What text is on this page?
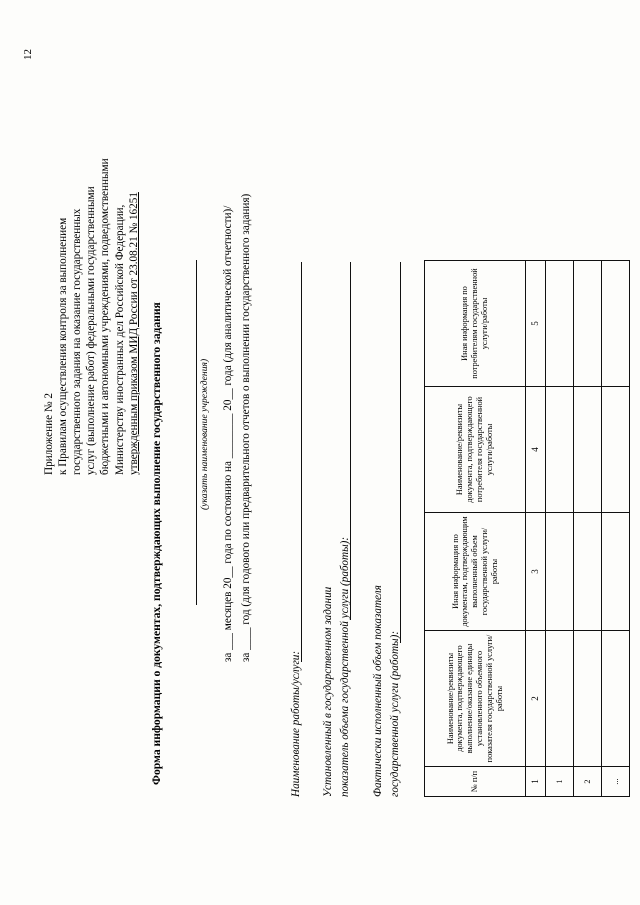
12
Приложение № 2 к Правилам осуществления контроля за выполнением государственного задания на оказание государственных услуг (выполнение работ) федеральными государственными бюджетными и автономными учреждениями, подведомственными Министерству иностранных дел Российской Федерации, утвержденным приказом МИД России от 23.08.21 № 16251 Форма информации о документах, подтверждающих выполнение государственного задания	(указать наименование учреждения) за ___ месяцев 20__ года по состоянию на ________ 20__ года (для аналитической отчетности)/ за ____ год (для годового или предварительного отчетов о выполнении государственного задания)
Наименование работы/услуги: Установленный в государственном задании показатель объема государственной услуги (работы): Фактически исполненный объем показателя государственной услуги (работы):	№ п/п	Наименование/реквизиты документа, подтверждающего выполнение/оказание единицы установленного объемного показателя государственной услуги/работы	Иная информация по документам, подтверждающим выполненный объем государственной услуги/работы	Наименование/реквизиты документа, подтверждающего потребителя государственной услуги/работы	Иная информация по потребителям государственной услуги/работы
1	2	3	4	5
1				
2				
...				
